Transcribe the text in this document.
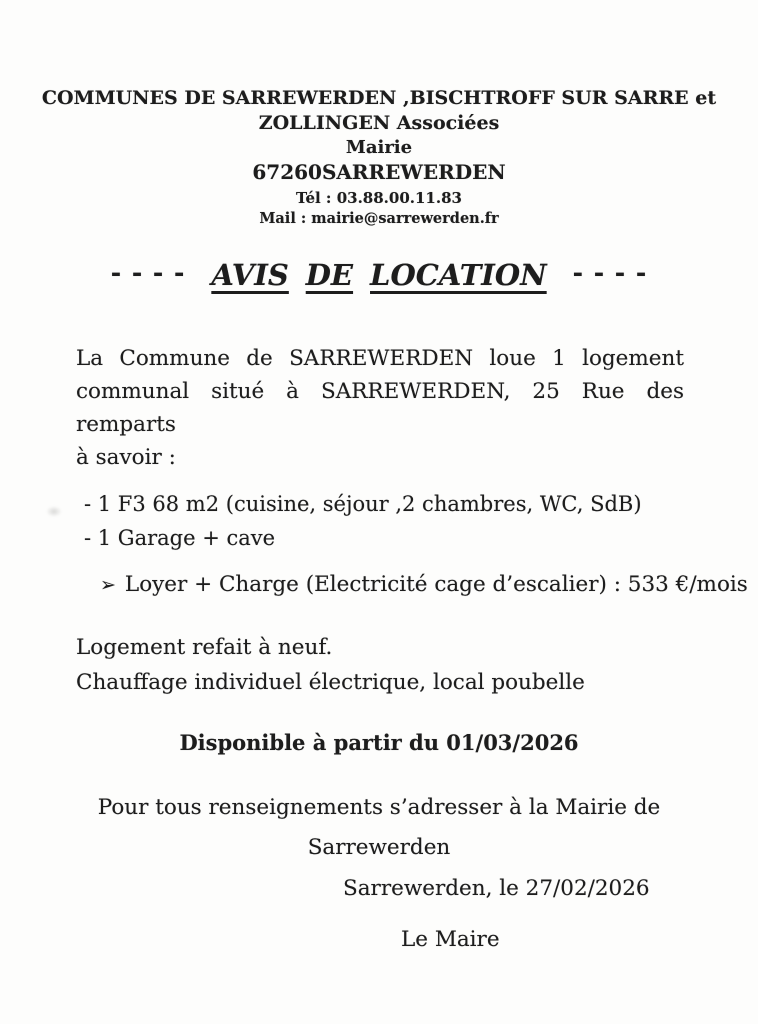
COMMUNES DE SARREWERDEN ,BISCHTROFF SUR SARRE et
ZOLLINGEN Associées
Mairie
67260SARREWERDEN
Tél : 03.88.00.11.83
Mail : mairie@sarrewerden.fr
- - - - AVIS DE LOCATION - - - -
La Commune de SARREWERDEN loue 1 logement
communal situé à SARREWERDEN, 25 Rue des remparts
à savoir :
- 1 F3 68 m2 (cuisine, séjour ,2 chambres, WC, SdB)
- 1 Garage + cave
➢ Loyer + Charge (Electricité cage d’escalier) : 533 €/mois
Logement refait à neuf.
Chauffage individuel électrique, local poubelle
Disponible à partir du 01/03/2026
Pour tous renseignements s’adresser à la Mairie de
Sarrewerden
Sarrewerden, le 27/02/2026
Le Maire
